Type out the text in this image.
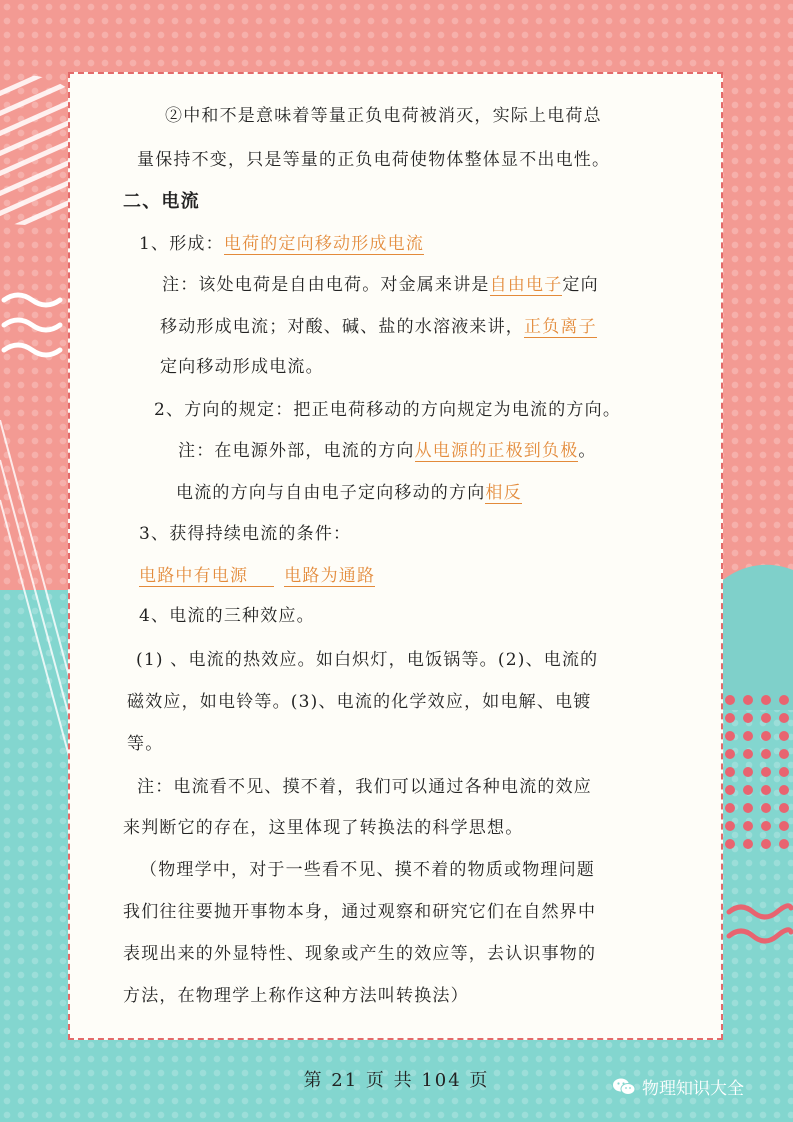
②中和不是意味着等量正负电荷被消灭，实际上电荷总
量保持不变，只是等量的正负电荷使物体整体显不出电性。
二、电流
1、形成：电荷的定向移动形成电流
注：该处电荷是自由电荷。对金属来讲是自由电子定向
移动形成电流；对酸、碱、盐的水溶液来讲，正负离子
定向移动形成电流。
2、方向的规定：把正电荷移动的方向规定为电流的方向。
注：在电源外部，电流的方向从电源的正极到负极。
电流的方向与自由电子定向移动的方向相反
3、获得持续电流的条件：
电路中有电源 电路为通路
4、电流的三种效应。
(1) 、电流的热效应。如白炽灯，电饭锅等。(2)、电流的
磁效应，如电铃等。(3)、电流的化学效应，如电解、电镀
等。
注：电流看不见、摸不着，我们可以通过各种电流的效应
来判断它的存在，这里体现了转换法的科学思想。
（物理学中，对于一些看不见、摸不着的物质或物理问题
我们往往要抛开事物本身，通过观察和研究它们在自然界中
表现出来的外显特性、现象或产生的效应等，去认识事物的
方法，在物理学上称作这种方法叫转换法）
第 21 页 共 104 页	物理知识大全
